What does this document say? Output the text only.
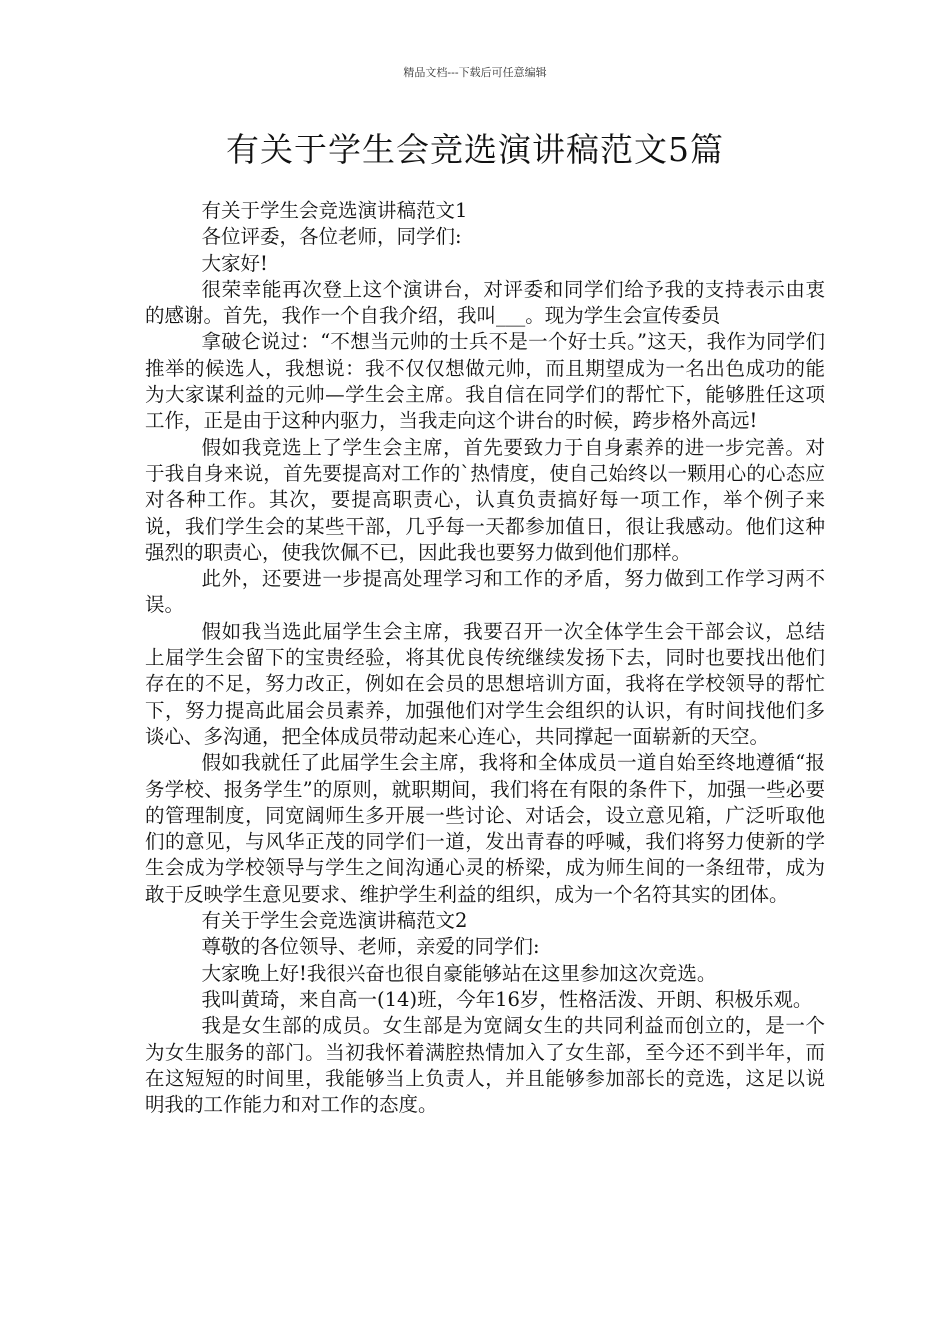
精品文档---下载后可任意编辑
有关于学生会竞选演讲稿范文5篇

有关于学生会竞选演讲稿范文1

各位评委，各位老师，同学们:

大家好!

很荣幸能再次登上这个演讲台，对评委和同学们给予我的支持表示由衷的感谢。首先，我作一个自我介绍，我叫___。现为学生会宣传委员

拿破仑说过：“不想当元帅的士兵不是一个好士兵。”这天，我作为同学们推举的候选人，我想说：我不仅仅想做元帅，而且期望成为一名出色成功的能为大家谋利益的元帅—学生会主席。我自信在同学们的帮忙下，能够胜任这项工作，正是由于这种内驱力，当我走向这个讲台的时候，跨步格外高远!

假如我竞选上了学生会主席，首先要致力于自身素养的进一步完善。对于我自身来说，首先要提高对工作的`热情度，使自己始终以一颗用心的心态应对各种工作。其次，要提高职责心，认真负责搞好每一项工作，举个例子来说，我们学生会的某些干部，几乎每一天都参加值日，很让我感动。他们这种强烈的职责心，使我饮佩不已，因此我也要努力做到他们那样。

此外，还要进一步提高处理学习和工作的矛盾，努力做到工作学习两不误。

假如我当选此届学生会主席，我要召开一次全体学生会干部会议，总结上届学生会留下的宝贵经验，将其优良传统继续发扬下去，同时也要找出他们存在的不足，努力改正，例如在会员的思想培训方面，我将在学校领导的帮忙下，努力提高此届会员素养，加强他们对学生会组织的认识，有时间找他们多谈心、多沟通，把全体成员带动起来心连心，共同撑起一面崭新的天空。

假如我就任了此届学生会主席，我将和全体成员一道自始至终地遵循“报务学校、报务学生”的原则，就职期间，我们将在有限的条件下，加强一些必要的管理制度，同宽阔师生多开展一些讨论、对话会，设立意见箱，广泛听取他们的意见，与风华正茂的同学们一道，发出青春的呼喊，我们将努力使新的学生会成为学校领导与学生之间沟通心灵的桥梁，成为师生间的一条纽带，成为敢于反映学生意见要求、维护学生利益的组织，成为一个名符其实的团体。

有关于学生会竞选演讲稿范文2

尊敬的各位领导、老师，亲爱的同学们:

大家晚上好!我很兴奋也很自豪能够站在这里参加这次竞选。

我叫黄琦，来自高一(14)班，今年16岁，性格活泼、开朗、积极乐观。

我是女生部的成员。女生部是为宽阔女生的共同利益而创立的，是一个为女生服务的部门。当初我怀着满腔热情加入了女生部，至今还不到半年，而在这短短的时间里，我能够当上负责人，并且能够参加部长的竞选，这足以说明我的工作能力和对工作的态度。
